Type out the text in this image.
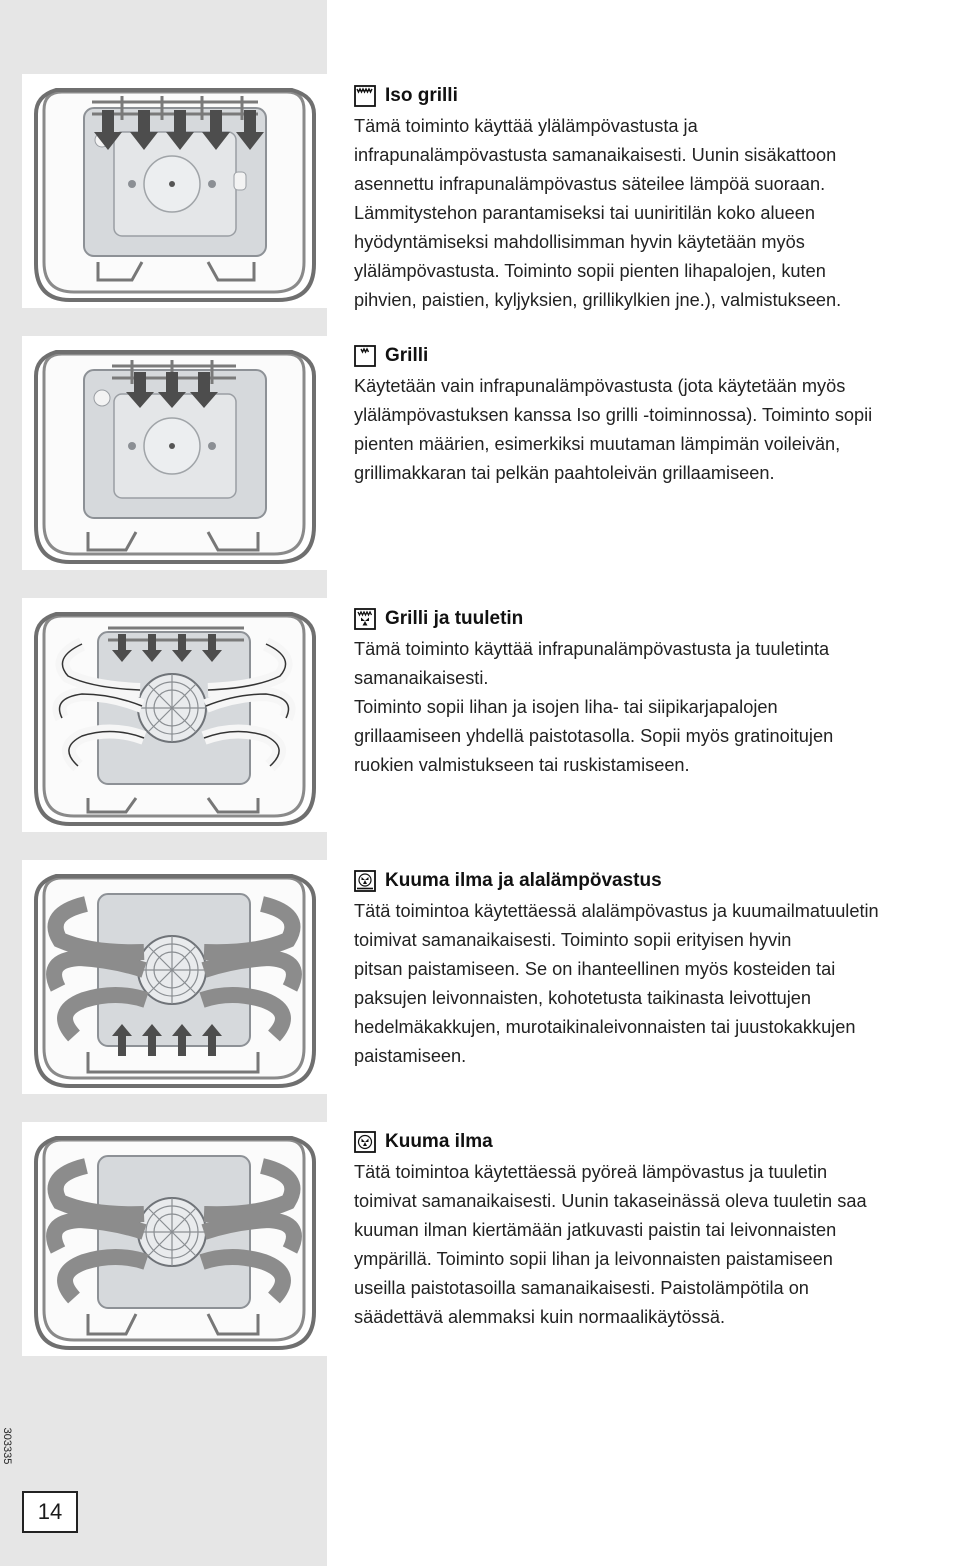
Iso grilli
Tämä toiminto käyttää ylälämpövastusta ja
infrapunalämpövastusta samanaikaisesti. Uunin sisäkattoon
asennettu infrapunalämpövastus säteilee lämpöä suoraan.
Lämmitystehon parantamiseksi tai uuniritilän koko alueen
hyödyntämiseksi mahdollisimman hyvin käytetään myös
ylälämpövastusta. Toiminto sopii pienten lihapalojen, kuten
pihvien, paistien, kyljyksien, grillikylkien jne.), valmistukseen.
Grilli
Käytetään vain infrapunalämpövastusta (jota käytetään myös
ylälämpövastuksen kanssa Iso grilli -toiminnossa). Toiminto sopii
pienten määrien, esimerkiksi muutaman lämpimän voileivän,
grillimakkaran tai pelkän paahtoleivän grillaamiseen.
Grilli ja tuuletin
Tämä toiminto käyttää infrapunalämpövastusta ja tuuletinta
samanaikaisesti.
Toiminto sopii lihan ja isojen liha- tai siipikarjapalojen
grillaamiseen yhdellä paistotasolla. Sopii myös gratinoitujen
ruokien valmistukseen tai ruskistamiseen.
Kuuma ilma ja alalämpövastus
Tätä toimintoa käytettäessä alalämpövastus ja kuumailmatuuletin
toimivat samanaikaisesti. Toiminto sopii erityisen hyvin
pitsan paistamiseen. Se on ihanteellinen myös kosteiden tai
paksujen leivonnaisten, kohotetusta taikinasta leivottujen
hedelmäkakkujen, murotaikinaleivonnaisten tai juustokakkujen
paistamiseen.
Kuuma ilma
Tätä toimintoa käytettäessä pyöreä lämpövastus ja tuuletin
toimivat samanaikaisesti. Uunin takaseinässä oleva tuuletin saa
kuuman ilman kiertämään jatkuvasti paistin tai leivonnaisten
ympärillä. Toiminto sopii lihan ja leivonnaisten paistamiseen
useilla paistotasoilla samanaikaisesti. Paistolämpötila on
säädettävä alemmaksi kuin normaalikäytössä.
303335
14
